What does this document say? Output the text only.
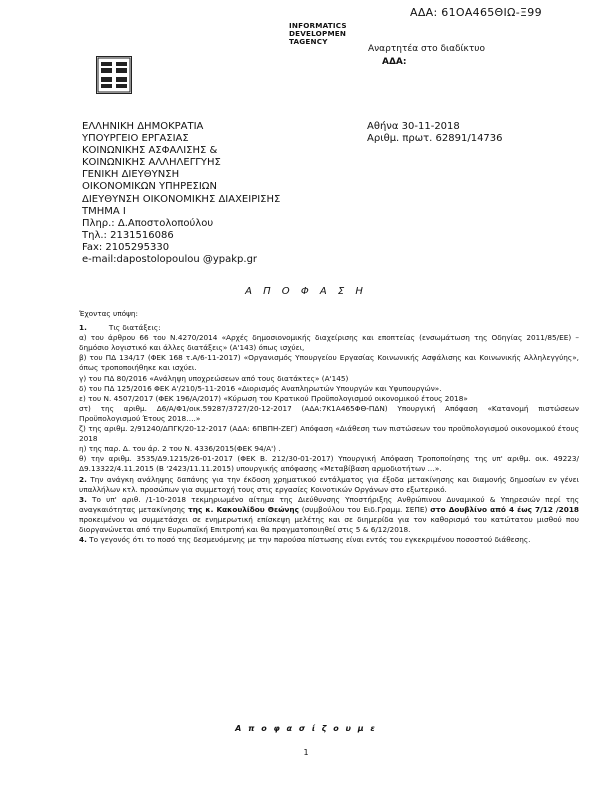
ΑΔΑ: 61ΟΑ465ΘΙΩ-Ξ99
INFORMATICS
DEVELOPMEN
TAGENCY
Αναρτητέα στο διαδίκτυο
ΑΔΑ:
ΕΛΛΗΝΙΚΗ ΔΗΜΟΚΡΑΤΙΑ
ΥΠΟΥΡΓΕΙΟ ΕΡΓΑΣΙΑΣ
ΚΟΙΝΩΝΙΚΗΣ ΑΣΦΑΛΙΣΗΣ &
ΚΟΙΝΩΝΙΚΗΣ ΑΛΛΗΛΕΓΓΥΗΣ
ΓΕΝΙΚΗ ΔΙΕΥΘΥΝΣΗ
ΟΙΚΟΝΟΜΙΚΩΝ ΥΠΗΡΕΣΙΩΝ
ΔΙΕΥΘΥΝΣΗ ΟΙΚΟΝΟΜΙΚΗΣ ΔΙΑΧΕΙΡΙΣΗΣ
ΤΜΗΜΑ Ι
Πληρ.: Δ.Αποστολοπούλου
Τηλ.: 2131516086
Fax: 2105295330
e-mail:dapostolopoulou @ypakp.gr
Αθήνα 30-11-2018
Αριθμ. πρωτ. 62891/14736
Α Π Ο Φ Α Σ Η

Έχοντας υπόψη:

1.	Τις διατάξεις:

α) του άρθρου 66 του Ν.4270/2014 «Αρχές δημοσιονομικής διαχείρισης και εποπτείας (ενσωμάτωση της Οδηγίας 2011/85/ΕΕ) – δημόσιο λογιστικό και άλλες διατάξεις» (Α'143) όπως ισχύει,

β) του ΠΔ 134/17 (ΦΕΚ 168 τ.Α/6-11-2017) «Οργανισμός Υπουργείου Εργασίας Κοινωνικής Ασφάλισης και Κοινωνικής Αλληλεγγύης», όπως τροποποιήθηκε και ισχύει.

γ) του ΠΔ 80/2016 «Ανάληψη υποχρεώσεων από τους διατάκτες» (Α'145)

δ) του ΠΔ 125/2016 ΦΕΚ Α'/210/5-11-2016 «Διορισμός Αναπληρωτών Υπουργών και Υφυπουργών».

ε) του Ν. 4507/2017 (ΦΕΚ 196/Α/2017) «Κύρωση του Κρατικού Προϋπολογισμού οικονομικού έτους 2018»

στ) της αριθμ. Δ6/Α/Φ1/οικ.59287/3727/20-12-2017 (ΑΔΑ:7Κ1Α465ΦΘ-ΠΔΝ) Υπουργική Απόφαση «Κατανομή πιστώσεων Προϋπολογισμού Έτους 2018….»

ζ) της αριθμ. 2/91240/ΔΠΓΚ/20-12-2017 (ΑΔΑ: 6ΠΒΠΗ-ΖΕΓ) Απόφαση «Διάθεση των πιστώσεων του προϋπολογισμού οικονομικού έτους 2018

η) της παρ. Δ. του άρ. 2 του Ν. 4336/2015(ΦΕΚ 94/Α') .

θ) την αριθμ. 3535/Δ9.1215/26-01-2017 (ΦΕΚ Β. 212/30-01-2017) Υπουργική Απόφαση Τροποποίησης της υπ' αριθμ. οικ. 49223/Δ9.13322/4.11.2015 (Β '2423/11.11.2015) υπουργικής απόφασης «Μεταβίβαση αρμοδιοτήτων …».

2. Την ανάγκη ανάληψης δαπάνης για την έκδοση χρηματικού εντάλματος για έξοδα μετακίνησης και διαμονής δημοσίων εν γένει υπαλλήλων κτλ. προσώπων για συμμετοχή τους στις εργασίες Κοινοτικών Οργάνων στο εξωτερικό.

3. Το υπ' αριθ. /1-10-2018 τεκμηριωμένο αίτημα της Διεύθυνσης Υποστήριξης Ανθρώπινου Δυναμικού & Υπηρεσιών περί της αναγκαιότητας μετακίνησης της κ. Κακουλίδου Θεώνης (συμβούλου του Ειδ.Γραμμ. ΣΕΠΕ) στο Δουβλίνο από 4 έως 7/12 /2018 προκειμένου να συμμετάσχει σε ενημερωτική επίσκεψη μελέτης και σε διημερίδα για τον καθορισμό του κατώτατου μισθού που διοργανώνεται από την Ευρωπαϊκή Επιτροπή και θα πραγματοποιηθεί στις 5 & 6/12/2018.

4. Το γεγονός ότι το ποσό της δεσμευόμενης με την παρούσα πίστωσης είναι εντός του εγκεκριμένου ποσοστού διάθεσης.

Α π ο φ α σ ί ζ ο υ μ ε
1
